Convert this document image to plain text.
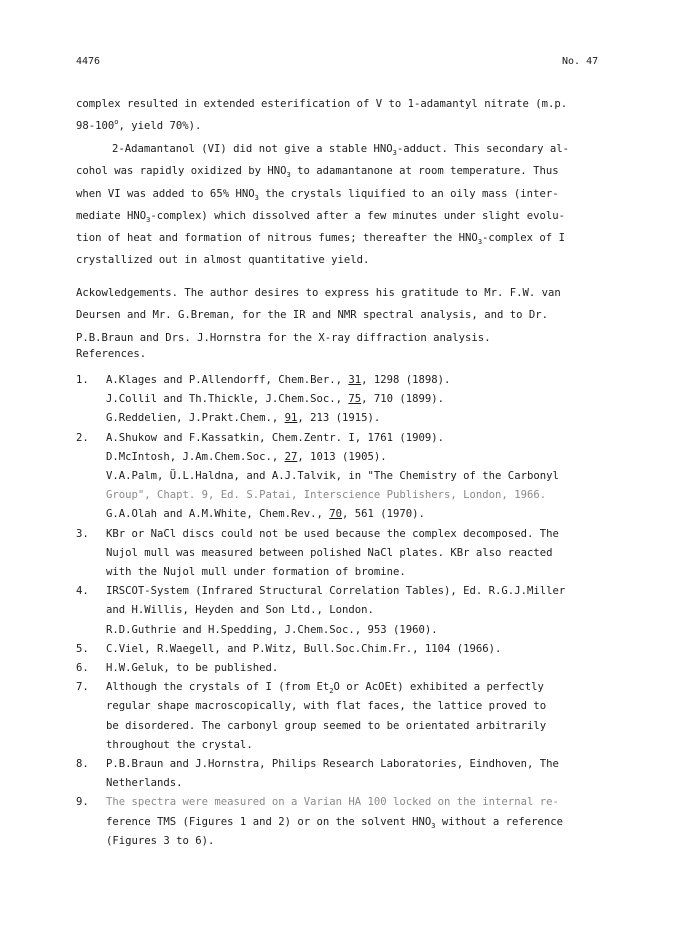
4476	No. 47
complex resulted in extended esterification of V to 1-adamantyl nitrate (m.p.
98-100$^o$, yield 70%).
2-Adamantanol (VI) did not give a stable $HNO_3$-adduct. This secondary al-
cohol was rapidly oxidized by $HNO_3$ to adamantanone at room temperature. Thus
when VI was added to 65% $HNO_3$ the crystals liquified to an oily mass (inter-
mediate $HNO_3-complex$) which dissolved after a few minutes under slight evolu-
tion of heat and formation of nitrous fumes; thereafter the $HNO_3$-complex of I
crystallized out in almost quantitative yield.
Ackowledgements. The author desires to express his gratitude to Mr. F.W. van
Deursen and Mr. G.Breman, for the IR and NMR spectral analysis, and to Dr.
P.B.Braun and Drs. J.Hornstra for the X-ray diffraction analysis.
References.
1. A.Klages and P.Allendorff, Chem.Ber., 31, 1298 (1898).
J.Collil and Th.Thickle, J.Chem.Soc., 75, 710 (1899).
G.Reddelien, J.Prakt.Chem., 91, 213 (1915).
2. A.Shukow and F.Kassatkin, Chem.Zentr. I, 1761 (1909).
D.McIntosh, J.Am.Chem.Soc., 27, 1013 (1905).
V.A.Palm, Ü.L.Haldna, and A.J.Talvik, in "The Chemistry of the Carbonyl
Group", Chapt. 9, Ed. S.Patai, Interscience Publishers, London, 1966.
G.A.Olah and A.M.White, Chem.Rev., 70, 561 (1970).
3. KBr or NaCl discs could not be used because the complex decomposed. The
Nujol mull was measured between polished NaCl plates. KBr also reacted
with the Nujol mull under formation of bromine.
4. IRSCOT-System (Infrared Structural Correlation Tables), Ed. R.G.J.Miller
and H.Willis, Heyden and Son Ltd., London.
R.D.Guthrie and H.Spedding, J.Chem.Soc., 953 (1960).
5. C.Viel, R.Waegell, and P.Witz, Bull.Soc.Chim.Fr., 1104 (1966).
6. H.W.Geluk, to be published.
7. Although the crystals of I (from $Et_2O$ or AcOEt) exhibited a perfectly
regular shape macroscopically, with flat faces, the lattice proved to
be disordered. The carbonyl group seemed to be orientated arbitrarily
throughout the crystal.
8. P.B.Braun and J.Hornstra, Philips Research Laboratories, Eindhoven, The
Netherlands.
9. The spectra were measured on a Varian HA 100 locked on the internal re-
ference TMS (Figures 1 and 2) or on the solvent $HNO_3$ without a reference
(Figures 3 to 6).
